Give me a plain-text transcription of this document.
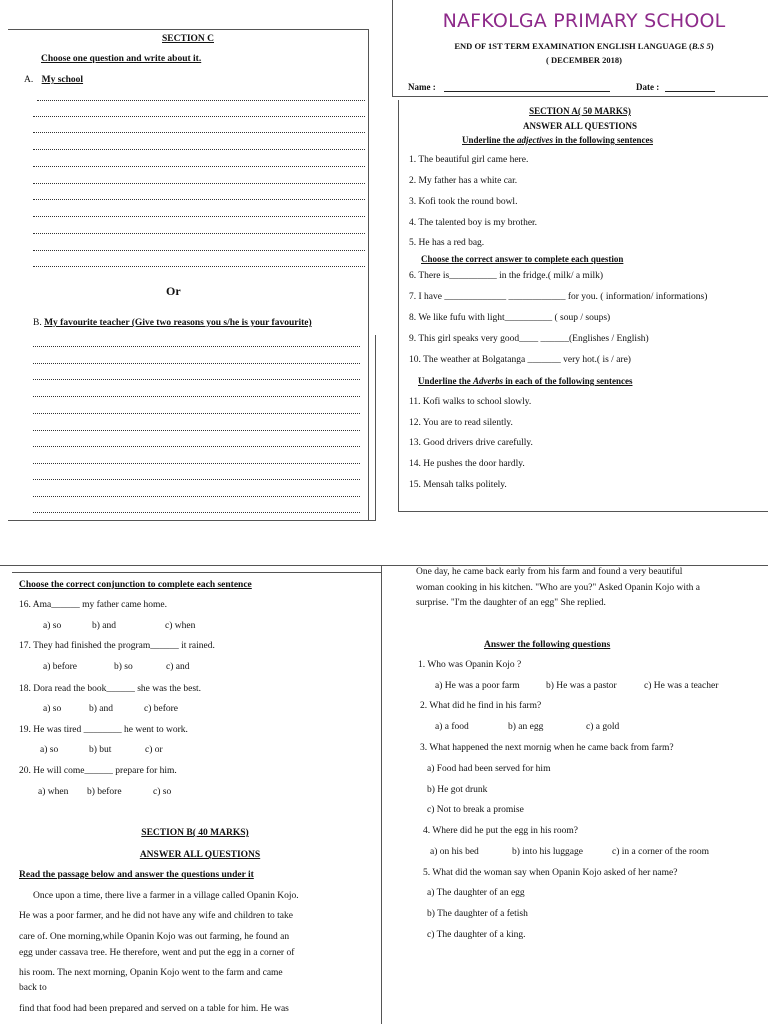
SECTION C
Choose one question and write about it.
A. My school
Or
B. My favourite teacher (Give two reasons you s/he is your favourite)
NAFKOLGA PRIMARY SCHOOL
END OF 1ST TERM EXAMINATION ENGLISH LANGUAGE (B.S 5)
( DECEMBER 2018)
Name :	Date :
SECTION A( 50 MARKS)
ANSWER ALL QUESTIONS
Underline the adjectives in the following sentences
1. The beautiful girl came here.
2. My father has a white car.
3. Kofi took the round bowl.
4. The talented boy is my brother.
5. He has a red bag.
Choose the correct answer to complete each question
6. There is__________ in the fridge.( milk/ a milk)
7. I have _____________ ____________ for you. ( information/ informations)
8. We like fufu with light__________ ( soup / soups)
9. This girl speaks very good____ ______(Englishes / English)
10. The weather at Bolgatanga _______ very hot.( is / are)
Underline the Adverbs in each of the following sentences
11. Kofi walks to school slowly.
12. You are to read silently.
13. Good drivers drive carefully.
14. He pushes the door hardly.
15. Mensah talks politely.
Choose the correct conjunction to complete each sentence
16. Ama______ my father came home.
a) so	b) and	c) when
17. They had finished the program______ it rained.
a) before	b) so	c) and
18. Dora read the book______ she was the best.
a) so	b) and	c) before
19. He was tired ________ he went to work.
a) so	b) but	c) or
20. He will come______ prepare for him.
a) when b) before	c) so
SECTION B( 40 MARKS)
ANSWER ALL QUESTIONS
Read the passage below and answer the questions under it
Once upon a time, there live a farmer in a village called Opanin Kojo.
He was a poor farmer, and he did not have any wife and children to take
care of. One morning,while Opanin Kojo was out farming, he found an
egg under cassava tree. He therefore, went and put the egg in a corner of
his room. The next morning, Opanin Kojo went to the farm and came
back to
find that food had been prepared and served on a table for him. He was
One day, he came back early from his farm and found a very beautiful
woman cooking in his kitchen. "Who are you?" Asked Opanin Kojo with a
surprise. "I'm the daughter of an egg" She replied.
Answer the following questions
1. Who was Opanin Kojo ?
a) He was a poor farm	b) He was a pastor	c) He was a teacher
2. What did he find in his farm?
a) a food	b) an egg	c) a gold
3. What happened the next mornig when he came back from farm?
a) Food had been served for him
b) He got drunk
c) Not to break a promise
4. Where did he put the egg in his room?
a) on his bed	b) into his luggage	c) in a corner of the room
5. What did the woman say when Opanin Kojo asked of her name?
a) The daughter of an egg
b) The daughter of a fetish
c) The daughter of a king.
